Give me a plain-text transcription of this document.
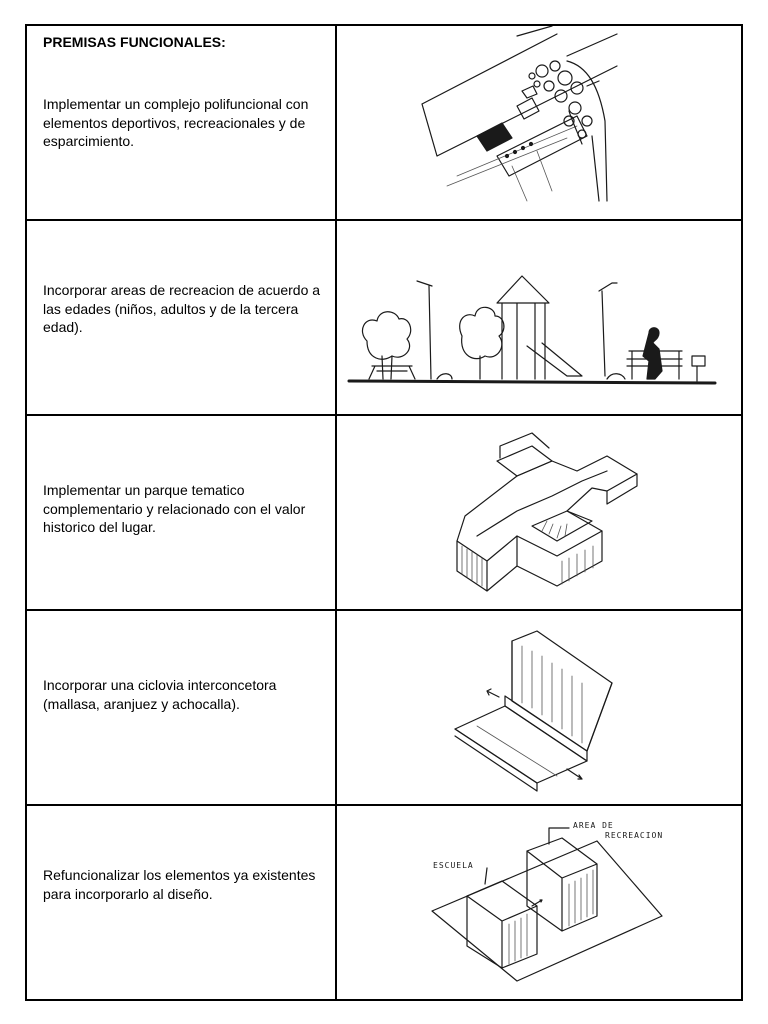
PREMISAS FUNCIONALES:
Implementar un complejo polifuncional con elementos deportivos, recreacionales y de esparcimiento.

Incorporar areas de recreacion de acuerdo a las edades (niños, adultos y de la tercera edad).

Implementar un parque tematico complementario y relacionado con el valor historico del lugar.

Incorporar una ciclovia interconcetora (mallasa, aranjuez y achocalla).

Refuncionalizar los elementos ya existentes para incorporarlo al diseño.	AREA DE
RECREACION
ESCUELA
